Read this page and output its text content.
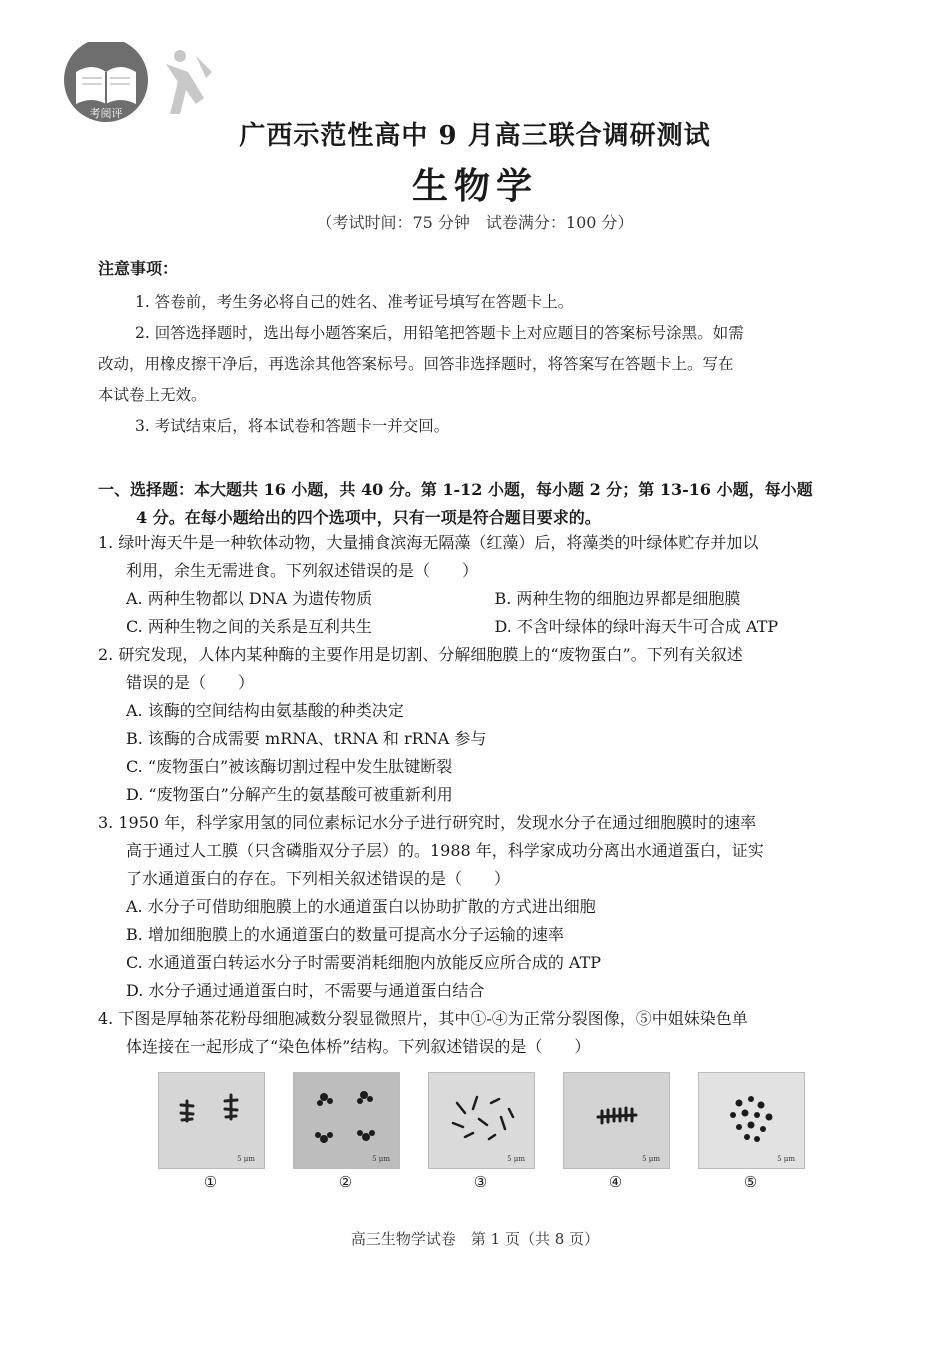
考阅评
广西示范性高中 9 月高三联合调研测试
生物学
（考试时间：75 分钟　试卷满分：100 分）
注意事项：
1. 答卷前，考生务必将自己的姓名、准考证号填写在答题卡上。
2. 回答选择题时，选出每小题答案后，用铅笔把答题卡上对应题目的答案标号涂黑。如需
改动，用橡皮擦干净后，再选涂其他答案标号。回答非选择题时，将答案写在答题卡上。写在
本试卷上无效。
3. 考试结束后，将本试卷和答题卡一并交回。
一、选择题：本大题共 16 小题，共 40 分。第 1-12 小题，每小题 2 分；第 13-16 小题，每小题
4 分。在每小题给出的四个选项中，只有一项是符合题目要求的。
1. 绿叶海天牛是一种软体动物，大量捕食滨海无隔藻（红藻）后，将藻类的叶绿体贮存并加以
利用，余生无需进食。下列叙述错误的是（　　）
A. 两种生物都以 DNA 为遗传物质	B. 两种生物的细胞边界都是细胞膜
C. 两种生物之间的关系是互利共生	D. 不含叶绿体的绿叶海天牛可合成 ATP
2. 研究发现，人体内某种酶的主要作用是切割、分解细胞膜上的“废物蛋白”。下列有关叙述
错误的是（　　）
A. 该酶的空间结构由氨基酸的种类决定
B. 该酶的合成需要 mRNA、tRNA 和 rRNA 参与
C. “废物蛋白”被该酶切割过程中发生肽键断裂
D. “废物蛋白”分解产生的氨基酸可被重新利用
3. 1950 年，科学家用氢的同位素标记水分子进行研究时，发现水分子在通过细胞膜时的速率
高于通过人工膜（只含磷脂双分子层）的。1988 年，科学家成功分离出水通道蛋白，证实
了水通道蛋白的存在。下列相关叙述错误的是（　　）
A. 水分子可借助细胞膜上的水通道蛋白以协助扩散的方式进出细胞
B. 增加细胞膜上的水通道蛋白的数量可提高水分子运输的速率
C. 水通道蛋白转运水分子时需要消耗细胞内放能反应所合成的 ATP
D. 水分子通过通道蛋白时，不需要与通道蛋白结合
4. 下图是厚轴茶花粉母细胞减数分裂显微照片，其中①-④为正常分裂图像，⑤中姐妹染色单
体连接在一起形成了“染色体桥”结构。下列叙述错误的是（　　）
5 μm	5 μm	5 μm	5 μm	5 μm
①	②	③	④	⑤
高三生物学试卷　第 1 页（共 8 页）
